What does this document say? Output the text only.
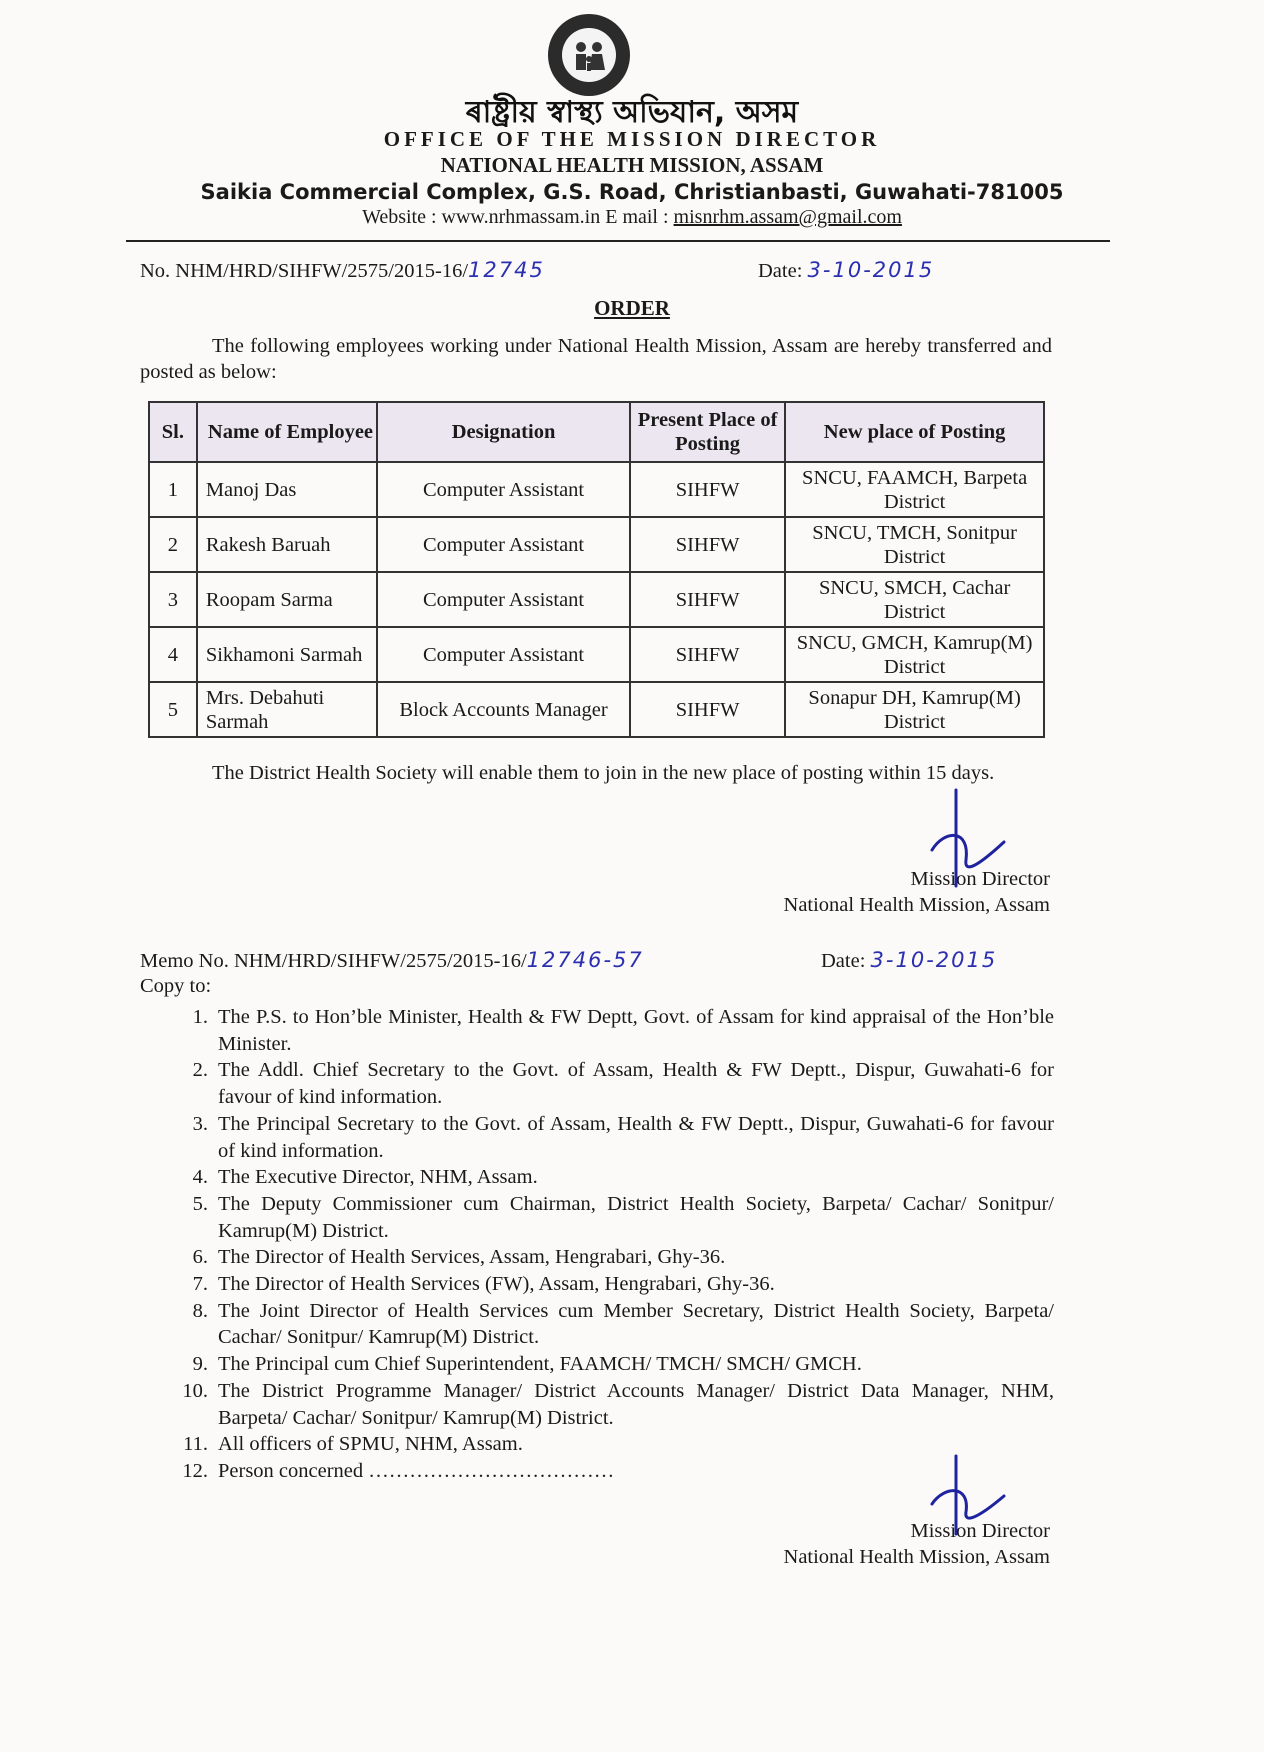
ৰাষ্ট্ৰীয় স্বাস্থ্য অভিযান, অসম
OFFICE OF THE MISSION DIRECTOR
NATIONAL HEALTH MISSION, ASSAM
Saikia Commercial Complex, G.S. Road, Christianbasti, Guwahati-781005
Website : www.nrhmassam.in E mail : misnrhm.assam@gmail.com
No. NHM/HRD/SIHFW/2575/2015-16/12745	Date: 3-10-2015
ORDER
The following employees working under National Health Mission, Assam are hereby transferred and posted as below:
Sl.	Name of Employee	Designation	Present Place of Posting	New place of Posting
1	Manoj Das	Computer Assistant	SIHFW	SNCU, FAAMCH, Barpeta District
2	Rakesh Baruah	Computer Assistant	SIHFW	SNCU, TMCH, Sonitpur District
3	Roopam Sarma	Computer Assistant	SIHFW	SNCU, SMCH, Cachar District
4	Sikhamoni Sarmah	Computer Assistant	SIHFW	SNCU, GMCH, Kamrup(M) District
5	Mrs. Debahuti Sarmah	Block Accounts Manager	SIHFW	Sonapur DH, Kamrup(M) District
The District Health Society will enable them to join in the new place of posting within 15 days.
Mission Director
National Health Mission, Assam
Memo No. NHM/HRD/SIHFW/2575/2015-16/12746-57	Date: 3-10-2015
Copy to:
1. The P.S. to Hon’ble Minister, Health & FW Deptt, Govt. of Assam for kind appraisal of the Hon’ble Minister.
2. The Addl. Chief Secretary to the Govt. of Assam, Health & FW Deptt., Dispur, Guwahati-6 for favour of kind information.
3. The Principal Secretary to the Govt. of Assam, Health & FW Deptt., Dispur, Guwahati-6 for favour of kind information.
4. The Executive Director, NHM, Assam.
5. The Deputy Commissioner cum Chairman, District Health Society, Barpeta/ Cachar/ Sonitpur/ Kamrup(M) District.
6. The Director of Health Services, Assam, Hengrabari, Ghy-36.
7. The Director of Health Services (FW), Assam, Hengrabari, Ghy-36.
8. The Joint Director of Health Services cum Member Secretary, District Health Society, Barpeta/ Cachar/ Sonitpur/ Kamrup(M) District.
9. The Principal cum Chief Superintendent, FAAMCH/ TMCH/ SMCH/ GMCH.
10. The District Programme Manager/ District Accounts Manager/ District Data Manager, NHM, Barpeta/ Cachar/ Sonitpur/ Kamrup(M) District.
11. All officers of SPMU, NHM, Assam.
12. Person concerned ………………………………
Mission Director
National Health Mission, Assam
